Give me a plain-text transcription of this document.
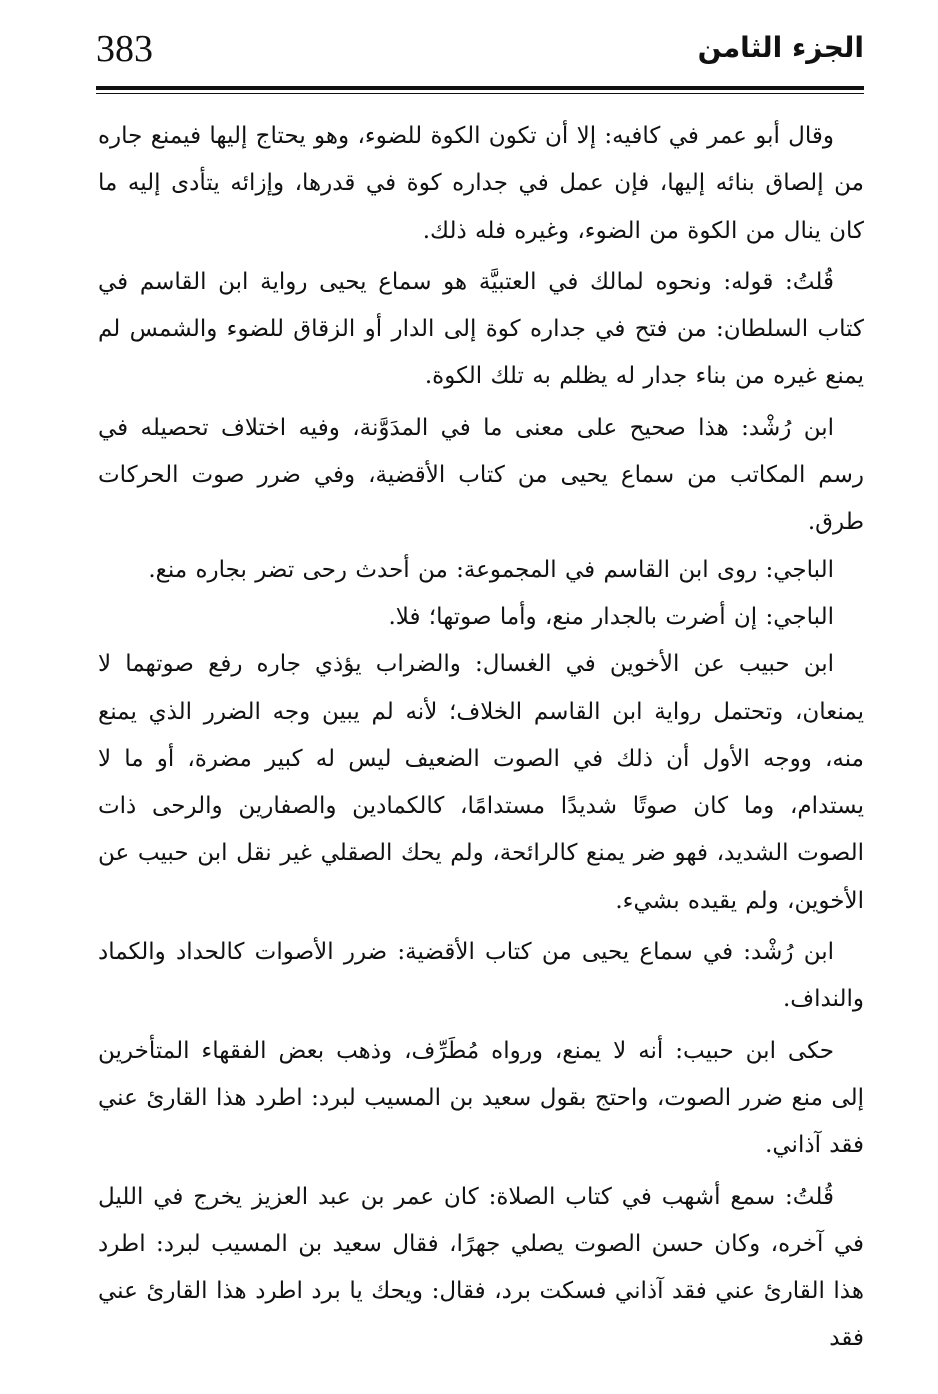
383	الجزء الثامن

وقال أبو عمر في كافيه: إلا أن تكون الكوة للضوء، وهو يحتاج إليها فيمنع جاره من إلصاق بنائه إليها، فإن عمل في جداره كوة في قدرها، وإزائه يتأدى إليه ما كان ينال من الكوة من الضوء، وغيره فله ذلك.

قُلتُ: قوله: ونحوه لمالك في العتبيَّة هو سماع يحيى رواية ابن القاسم في كتاب السلطان: من فتح في جداره كوة إلى الدار أو الزقاق للضوء والشمس لم يمنع غيره من بناء جدار له يظلم به تلك الكوة.

ابن رُشْد: هذا صحيح على معنى ما في المدَوَّنة، وفيه اختلاف تحصيله في رسم المكاتب من سماع يحيى من كتاب الأقضية، وفي ضرر صوت الحركات طرق.

الباجي: روى ابن القاسم في المجموعة: من أحدث رحى تضر بجاره منع.

الباجي: إن أضرت بالجدار منع، وأما صوتها؛ فلا.

ابن حبيب عن الأخوين في الغسال: والضراب يؤذي جاره رفع صوتهما لا يمنعان، وتحتمل رواية ابن القاسم الخلاف؛ لأنه لم يبين وجه الضرر الذي يمنع منه، ووجه الأول أن ذلك في الصوت الضعيف ليس له كبير مضرة، أو ما لا يستدام، وما كان صوتًا شديدًا مستدامًا، كالكمادين والصفارين والرحى ذات الصوت الشديد، فهو ضر يمنع كالرائحة، ولم يحك الصقلي غير نقل ابن حبيب عن الأخوين، ولم يقيده بشيء.

ابن رُشْد: في سماع يحيى من كتاب الأقضية: ضرر الأصوات كالحداد والكماد والنداف.

حكى ابن حبيب: أنه لا يمنع، ورواه مُطَرِّف، وذهب بعض الفقهاء المتأخرين إلى منع ضرر الصوت، واحتج بقول سعيد بن المسيب لبرد: اطرد هذا القارئ عني فقد آذاني.

قُلتُ: سمع أشهب في كتاب الصلاة: كان عمر بن عبد العزيز يخرج في الليل في آخره، وكان حسن الصوت يصلي جهرًا، فقال سعيد بن المسيب لبرد: اطرد هذا القارئ عني فقد آذاني فسكت برد، فقال: ويحك يا برد اطرد هذا القارئ عني فقد
